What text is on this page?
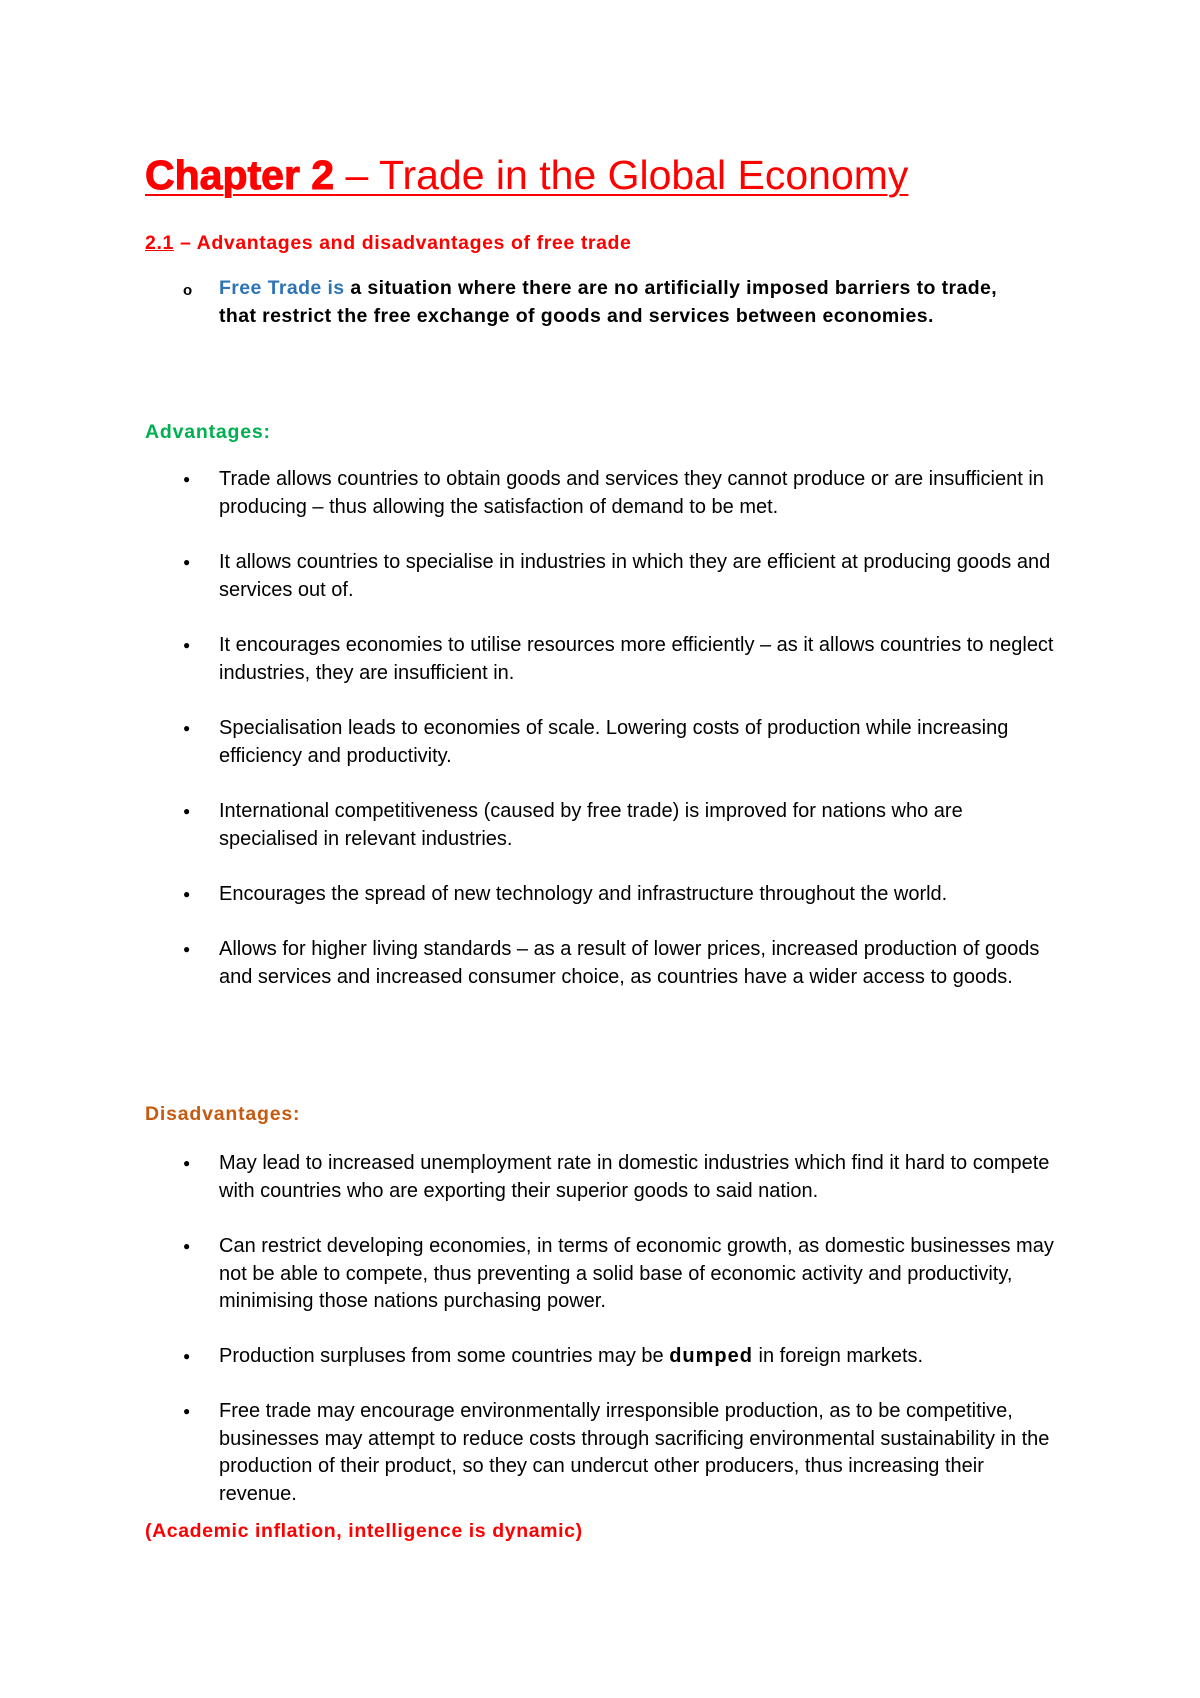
Chapter 2 – Trade in the Global Economy
2.1 – Advantages and disadvantages of free trade
o Free Trade is a situation where there are no artificially imposed barriers to trade, that restrict the free exchange of goods and services between economies.
Advantages:
● Trade allows countries to obtain goods and services they cannot produce or are insufficient in producing – thus allowing the satisfaction of demand to be met.
● It allows countries to specialise in industries in which they are efficient at producing goods and services out of.
● It encourages economies to utilise resources more efficiently – as it allows countries to neglect industries, they are insufficient in.
● Specialisation leads to economies of scale. Lowering costs of production while increasing efficiency and productivity.
● International competitiveness (caused by free trade) is improved for nations who are specialised in relevant industries.
● Encourages the spread of new technology and infrastructure throughout the world.
● Allows for higher living standards – as a result of lower prices, increased production of goods and services and increased consumer choice, as countries have a wider access to goods.
Disadvantages:
● May lead to increased unemployment rate in domestic industries which find it hard to compete with countries who are exporting their superior goods to said nation.
● Can restrict developing economies, in terms of economic growth, as domestic businesses may not be able to compete, thus preventing a solid base of economic activity and productivity, minimising those nations purchasing power.
● Production surpluses from some countries may be dumped in foreign markets.
● Free trade may encourage environmentally irresponsible production, as to be competitive, businesses may attempt to reduce costs through sacrificing environmental sustainability in the production of their product, so they can undercut other producers, thus increasing their revenue.
(Academic inflation, intelligence is dynamic)
